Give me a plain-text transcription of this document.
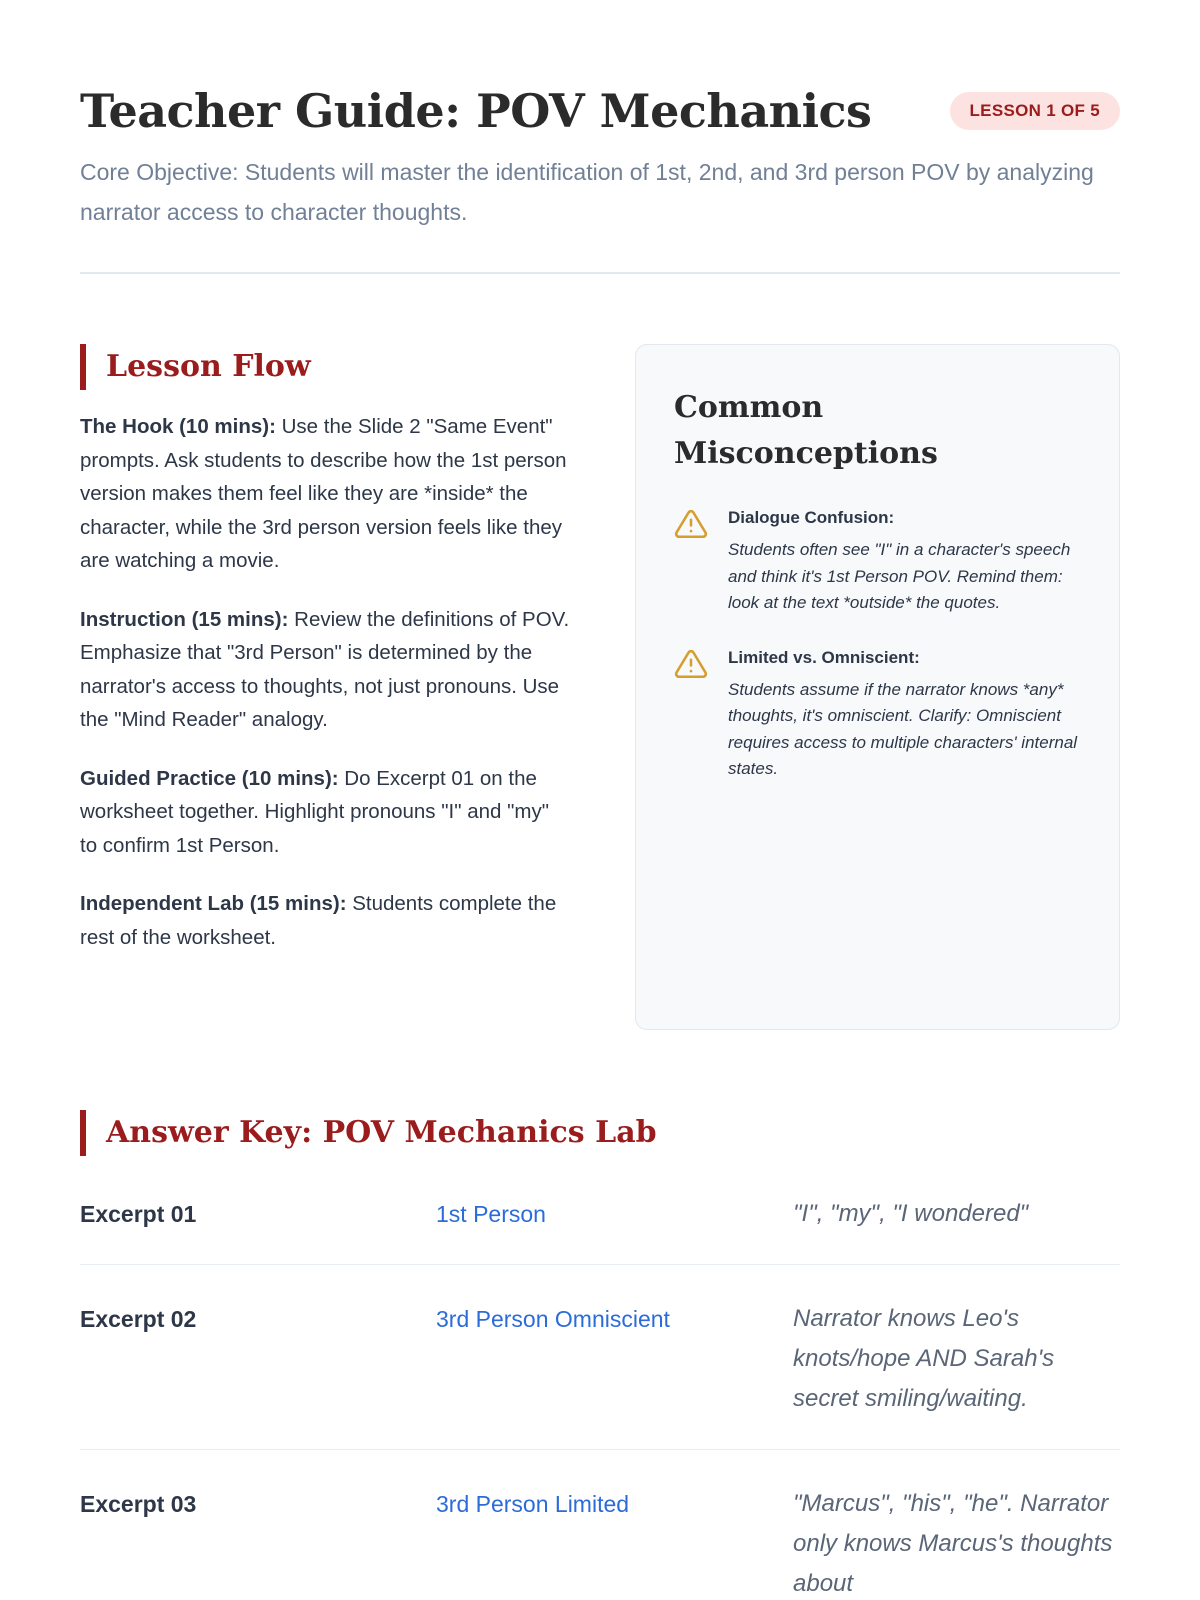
Teacher Guide: POV Mechanics	LESSON 1 OF 5

Core Objective: Students will master the identification of 1st, 2nd, and 3rd person POV by analyzing narrator access to character thoughts.

Lesson Flow

The Hook (10 mins): Use the Slide 2 "Same Event" prompts. Ask students to describe how the 1st person version makes them feel like they are *inside* the character, while the 3rd person version feels like they are watching a movie.

Instruction (15 mins): Review the definitions of POV. Emphasize that "3rd Person" is determined by the narrator's access to thoughts, not just pronouns. Use the "Mind Reader" analogy.

Guided Practice (10 mins): Do Excerpt 01 on the worksheet together. Highlight pronouns "I" and "my" to confirm 1st Person.

Independent Lab (15 mins): Students complete the rest of the worksheet.

Common Misconceptions
Dialogue Confusion:
Students often see "I" in a character's speech and think it's 1st Person POV. Remind them: look at the text *outside* the quotes.
Limited vs. Omniscient:
Students assume if the narrator knows *any* thoughts, it's omniscient. Clarify: Omniscient requires access to multiple characters' internal states.
Answer Key: POV Mechanics Lab
Excerpt 01	1st Person	"I", "my", "I wondered"
Excerpt 02	3rd Person Omniscient	Narrator knows Leo's knots/hope AND Sarah's secret smiling/waiting.
Excerpt 03	3rd Person Limited	"Marcus", "his", "he". Narrator only knows Marcus's thoughts about
